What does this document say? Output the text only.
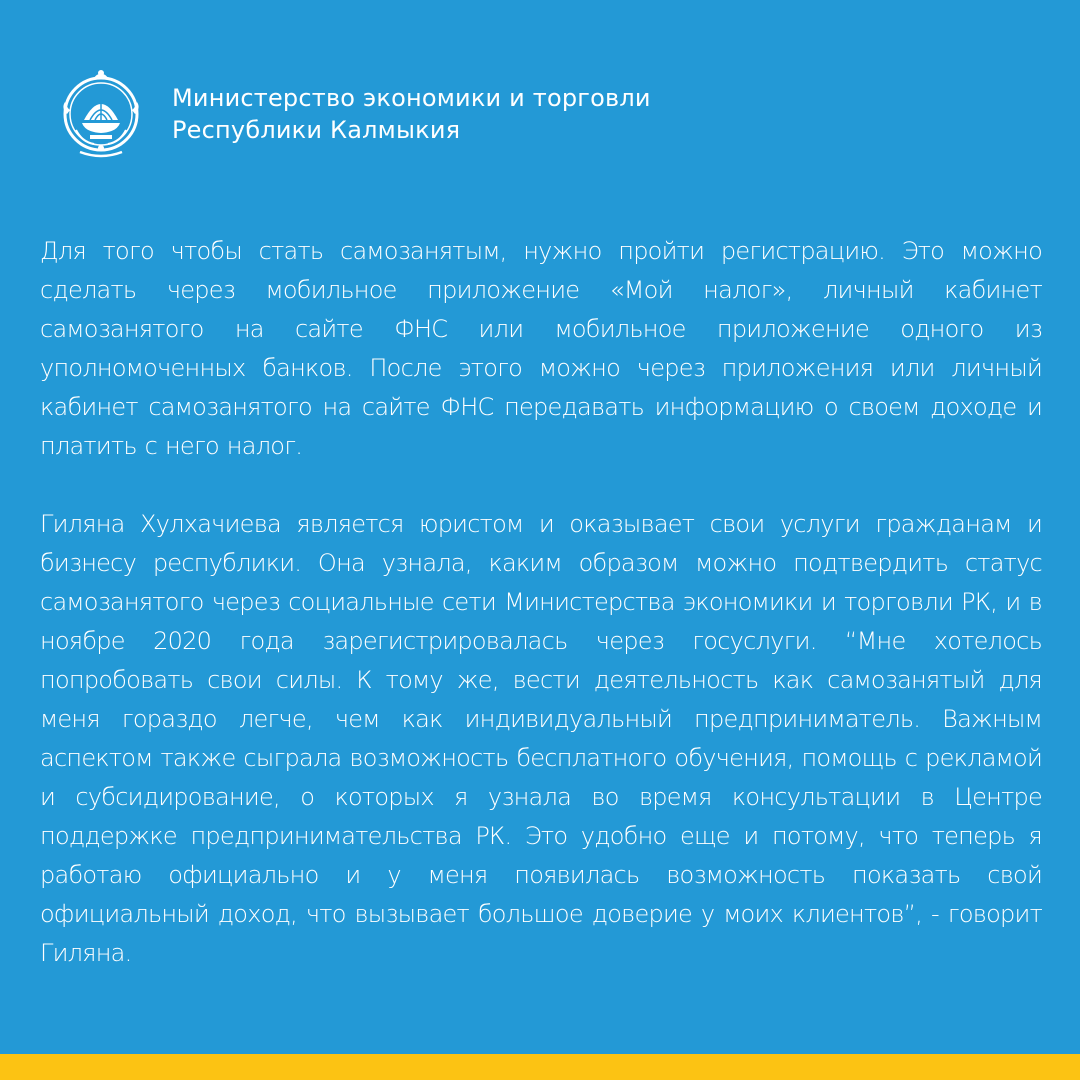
Министерство экономики и торговли
Республики Калмыкия

Для того чтобы стать самозанятым, нужно пройти регистрацию. Это можно сделать через мобильное приложение «Мой налог», личный кабинет самозанятого на сайте ФНС или мобильное приложение одного из уполномоченных банков. После этого можно через приложения или личный кабинет самозанятого на сайте ФНС передавать информацию о своем доходе и платить с него налог.

Гиляна Хулхачиева является юристом и оказывает свои услуги гражданам и бизнесу республики. Она узнала, каким образом можно подтвердить статус самозанятого через социальные сети Министерства экономики и торговли РК, и в ноябре 2020 года зарегистрировалась через госуслуги. “Мне хотелось попробовать свои силы. К тому же, вести деятельность как самозанятый для меня гораздо легче, чем как индивидуальный предприниматель. Важным аспектом также сыграла возможность бесплатного обучения, помощь с рекламой и субсидирование, о которых я узнала во время консультации в Центре поддержке предпринимательства РК. Это удобно еще и потому, что теперь я работаю официально и у меня появилась возможность показать свой официальный доход, что вызывает большое доверие у моих клиентов”, - говорит Гиляна.
